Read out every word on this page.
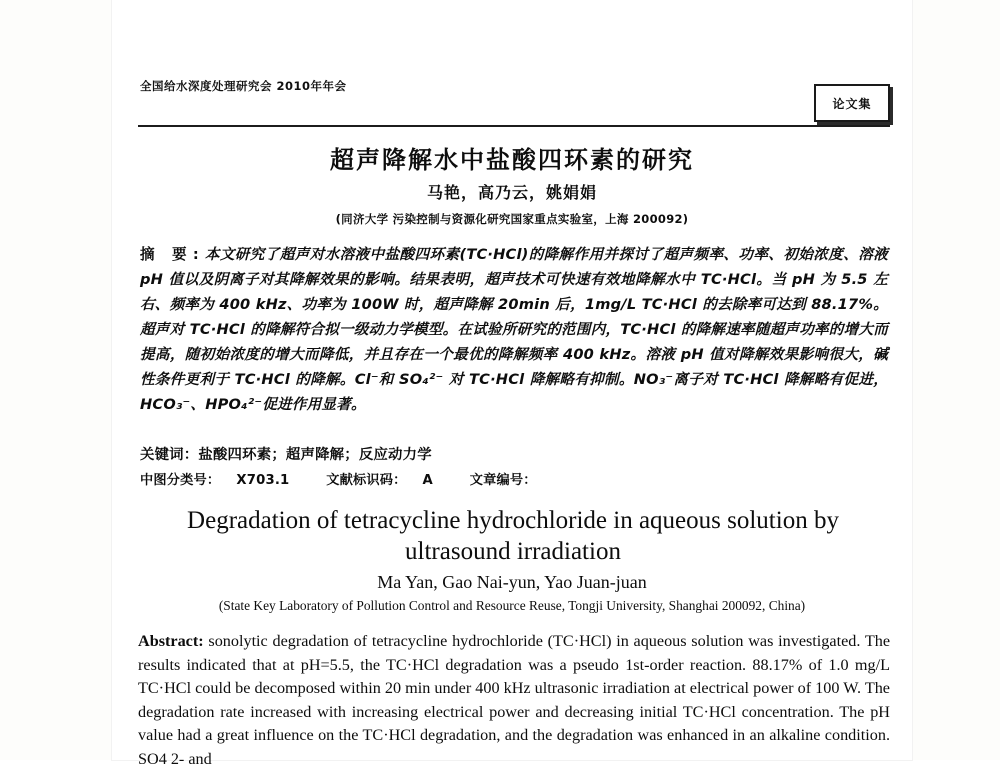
全国给水深度处理研究会 2010年年会
论文集
超声降解水中盐酸四环素的研究
马艳，高乃云，姚娟娟
(同济大学 污染控制与资源化研究国家重点实验室，上海 200092)
摘 要:本文研究了超声对水溶液中盐酸四环素(TC·HCl)的降解作用并探讨了超声频率、功率、初始浓度、溶液 pH 值以及阴离子对其降解效果的影响。结果表明，超声技术可快速有效地降解水中 TC·HCl。当 pH 为 5.5 左右、频率为 400 kHz、功率为 100W 时，超声降解 20min 后，1mg/L TC·HCl 的去除率可达到 88.17%。超声对 TC·HCl 的降解符合拟一级动力学模型。在试验所研究的范围内，TC·HCl 的降解速率随超声功率的增大而提高，随初始浓度的增大而降低，并且存在一个最优的降解频率 400 kHz。溶液 pH 值对降解效果影响很大，碱性条件更利于 TC·HCl 的降解。Cl⁻和 SO₄²⁻ 对 TC·HCl 降解略有抑制。NO₃⁻离子对 TC·HCl 降解略有促进，HCO₃⁻、HPO₄²⁻促进作用显著。
关键词：盐酸四环素；超声降解；反应动力学
中图分类号： X703.1	文献标识码： A	文章编号：
Degradation of tetracycline hydrochloride in aqueous solution by ultrasound irradiation
Ma Yan, Gao Nai-yun, Yao Juan-juan
(State Key Laboratory of Pollution Control and Resource Reuse, Tongji University, Shanghai 200092, China)
Abstract: sonolytic degradation of tetracycline hydrochloride (TC·HCl) in aqueous solution was investigated. The results indicated that at pH=5.5, the TC·HCl degradation was a pseudo 1st-order reaction. 88.17% of 1.0 mg/L TC·HCl could be decomposed within 20 min under 400 kHz ultrasonic irradiation at electrical power of 100 W. The degradation rate increased with increasing electrical power and decreasing initial TC·HCl concentration. The pH value had a great influence on the TC·HCl degradation, and the degradation was enhanced in an alkaline condition. SO4 2- and
